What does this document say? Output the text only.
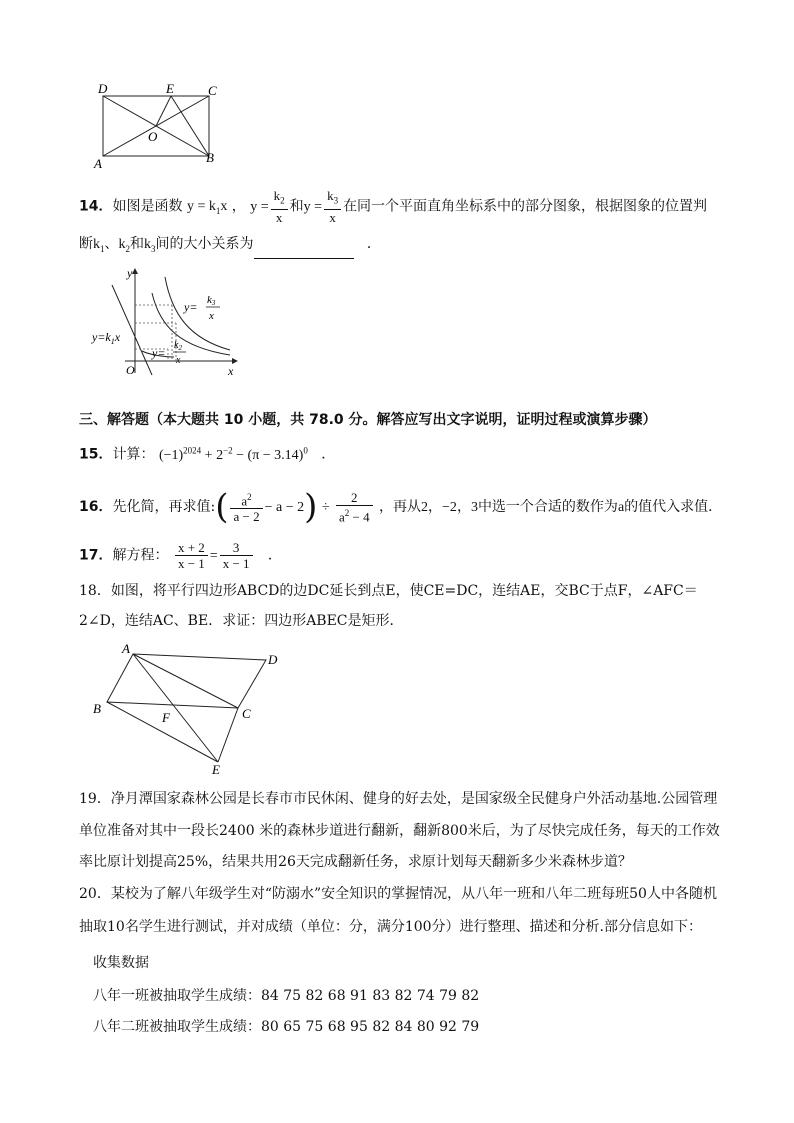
D	E	C
O
A	B
14．如图是函数 $y = k_1x$ ， $y = \frac{k_2}{x}$ 和$y = \frac{k_3}{x}$ 在同一个平面直角坐标系中的部分图象，根据图象的位置判
断$k_1$、$k_2$和$k_3$间的大小关系为	．
y
x
O
$y=k_1x$
y= k3
x
y=
$k_2$
x
三、解答题（本大题共 10 小题，共 78.0 分。解答应写出文字说明，证明过程或演算步骤）
15．计算： $(-1)^{2024} + 2^{-2} - (\pi - 3.14)^0$ ．
16．先化简，再求值:( $\frac{a^2}{a - 2} - a - 2) \div \frac{2}{a^2 - 4}$ ，再从2，−2，3中选一个合适的数作为a的值代入求值．
17．解方程： $\frac{x + 2}{x - 1} = \frac{3}{x - 1}$ ．
18．如图，将平行四边形ABCD的边DC延长到点E，使CE=DC，连结AE，交BC于点F，∠AFC＝
2∠D，连结AC、BE．求证：四边形ABEC是矩形．
A
D
B
F	C
E
19．净月潭国家森林公园是长春市市民休闲、健身的好去处，是国家级全民健身户外活动基地.公园管理
单位准备对其中一段长2400 米的森林步道进行翻新，翻新800米后，为了尽快完成任务，每天的工作效
率比原计划提高25%，结果共用26天完成翻新任务，求原计划每天翻新多少米森林步道？
20．某校为了解八年级学生对“防溺水”安全知识的掌握情况，从八年一班和八年二班每班50人中各随机
抽取10名学生进行测试，并对成绩（单位：分，满分100分）进行整理、描述和分析.部分信息如下：
收集数据
八年一班被抽取学生成绩：84 75 82 68 91 83 82 74 79 82
八年二班被抽取学生成绩：80 65 75 68 95 82 84 80 92 79
